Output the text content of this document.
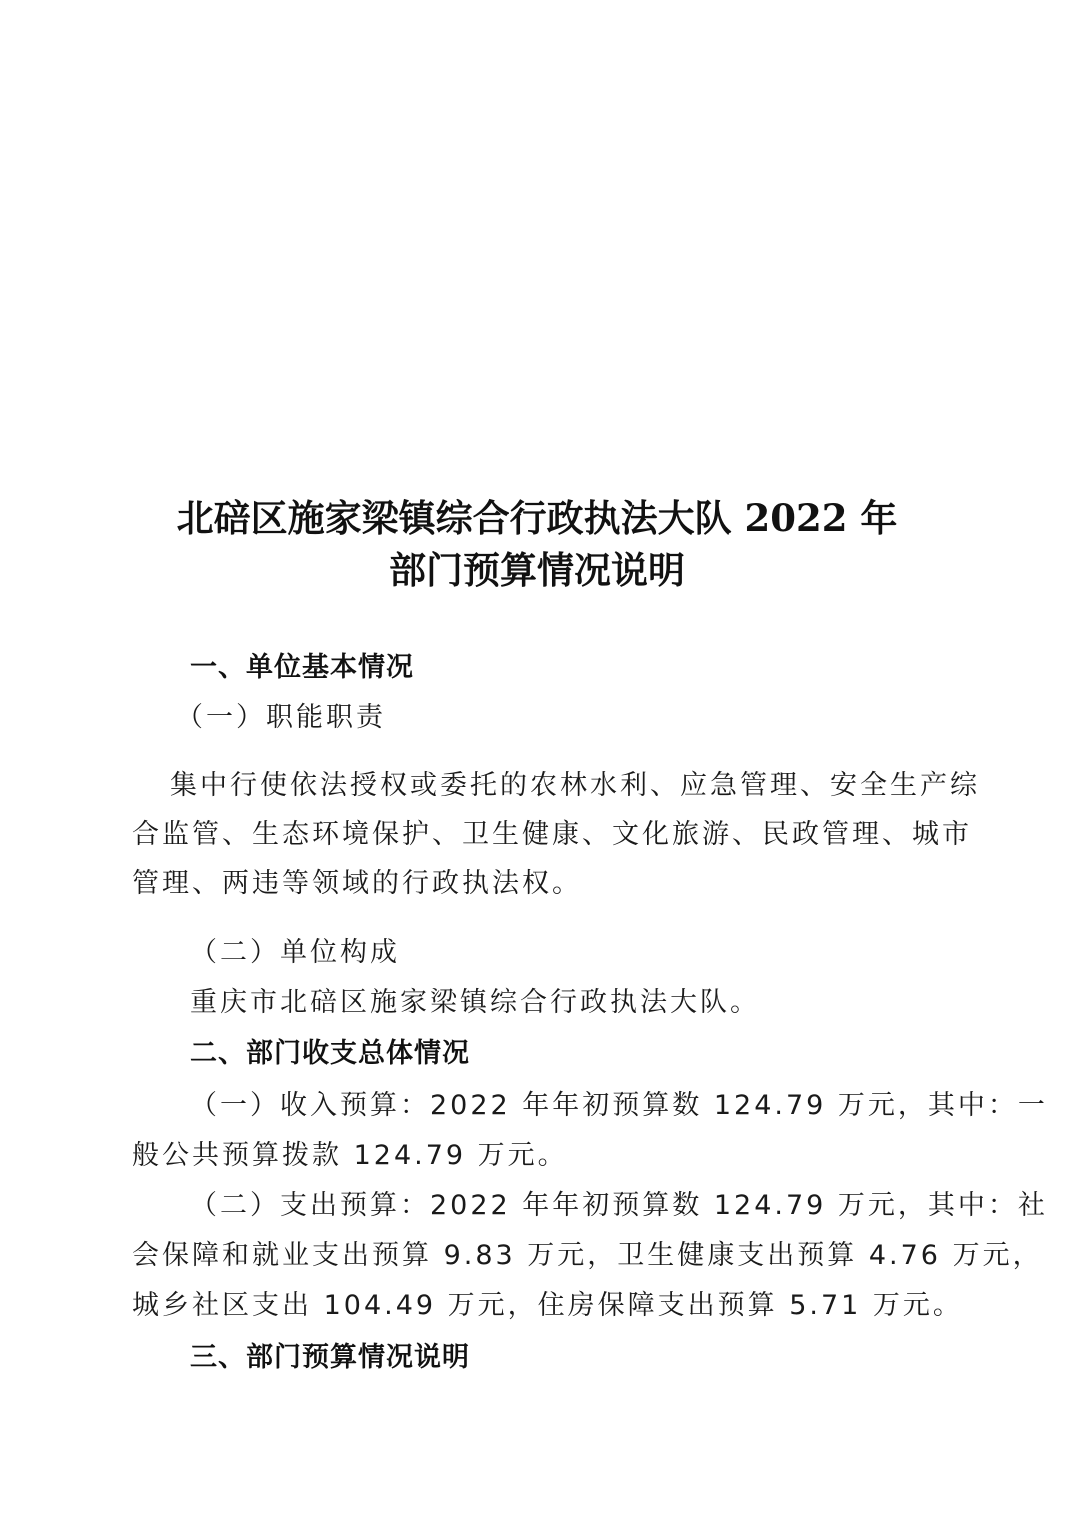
北碚区施家梁镇综合行政执法大队 2022 年
部门预算情况说明
一、单位基本情况
（一）职能职责
集中行使依法授权或委托的农林水利、应急管理、安全生产综
合监管、生态环境保护、卫生健康、文化旅游、民政管理、城市
管理、两违等领域的行政执法权。
（二）单位构成
重庆市北碚区施家梁镇综合行政执法大队。
二、部门收支总体情况
（一）收入预算：2022 年年初预算数 124.79 万元，其中：一
般公共预算拨款 124.79 万元。
（二）支出预算：2022 年年初预算数 124.79 万元，其中：社
会保障和就业支出预算 9.83 万元，卫生健康支出预算 4.76 万元，
城乡社区支出 104.49 万元，住房保障支出预算 5.71 万元。
三、部门预算情况说明
